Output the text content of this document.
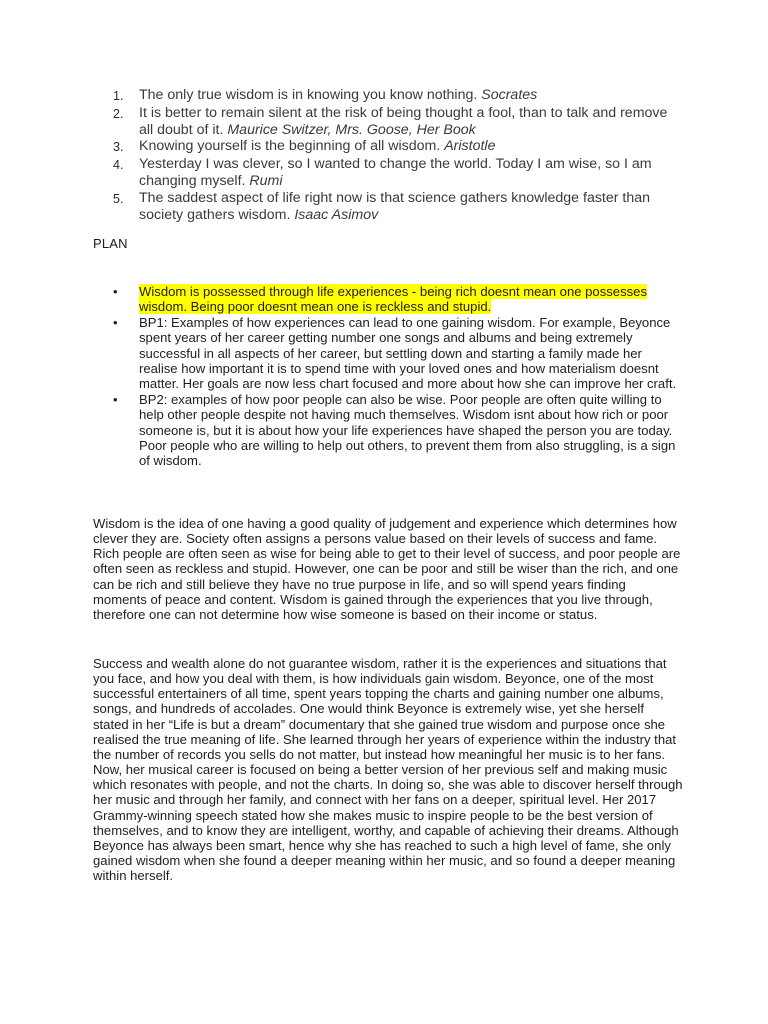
1.	The only true wisdom is in knowing you know nothing. Socrates
2.	It is better to remain silent at the risk of being thought a fool, than to talk and remove all doubt of it. Maurice Switzer, Mrs. Goose, Her Book
3.	Knowing yourself is the beginning of all wisdom. Aristotle
4.	Yesterday I was clever, so I wanted to change the world. Today I am wise, so I am changing myself. Rumi
5.	The saddest aspect of life right now is that science gathers knowledge faster than society gathers wisdom. Isaac Asimov
PLAN
•	Wisdom is possessed through life experiences - being rich doesnt mean one possesses wisdom. Being poor doesnt mean one is reckless and stupid.
•	BP1: Examples of how experiences can lead to one gaining wisdom. For example, Beyonce spent years of her career getting number one songs and albums and being extremely successful in all aspects of her career, but settling down and starting a family made her realise how important it is to spend time with your loved ones and how materialism doesnt matter. Her goals are now less chart focused and more about how she can improve her craft.
•	BP2: examples of how poor people can also be wise. Poor people are often quite willing to help other people despite not having much themselves. Wisdom isnt about how rich or poor someone is, but it is about how your life experiences have shaped the person you are today. Poor people who are willing to help out others, to prevent them from also struggling, is a sign of wisdom.

Wisdom is the idea of one having a good quality of judgement and experience which determines how clever they are. Society often assigns a persons value based on their levels of success and fame. Rich people are often seen as wise for being able to get to their level of success, and poor people are often seen as reckless and stupid. However, one can be poor and still be wiser than the rich, and one can be rich and still believe they have no true purpose in life, and so will spend years finding moments of peace and content. Wisdom is gained through the experiences that you live through, therefore one can not determine how wise someone is based on their income or status.

Success and wealth alone do not guarantee wisdom, rather it is the experiences and situations that you face, and how you deal with them, is how individuals gain wisdom. Beyonce, one of the most successful entertainers of all time, spent years topping the charts and gaining number one albums, songs, and hundreds of accolades. One would think Beyonce is extremely wise, yet she herself stated in her “Life is but a dream” documentary that she gained true wisdom and purpose once she realised the true meaning of life. She learned through her years of experience within the industry that the number of records you sells do not matter, but instead how meaningful her music is to her fans. Now, her musical career is focused on being a better version of her previous self and making music which resonates with people, and not the charts. In doing so, she was able to discover herself through her music and through her family, and connect with her fans on a deeper, spiritual level. Her 2017 Grammy-winning speech stated how she makes music to inspire people to be the best version of themselves, and to know they are intelligent, worthy, and capable of achieving their dreams. Although Beyonce has always been smart, hence why she has reached to such a high level of fame, she only gained wisdom when she found a deeper meaning within her music, and so found a deeper meaning within herself.
